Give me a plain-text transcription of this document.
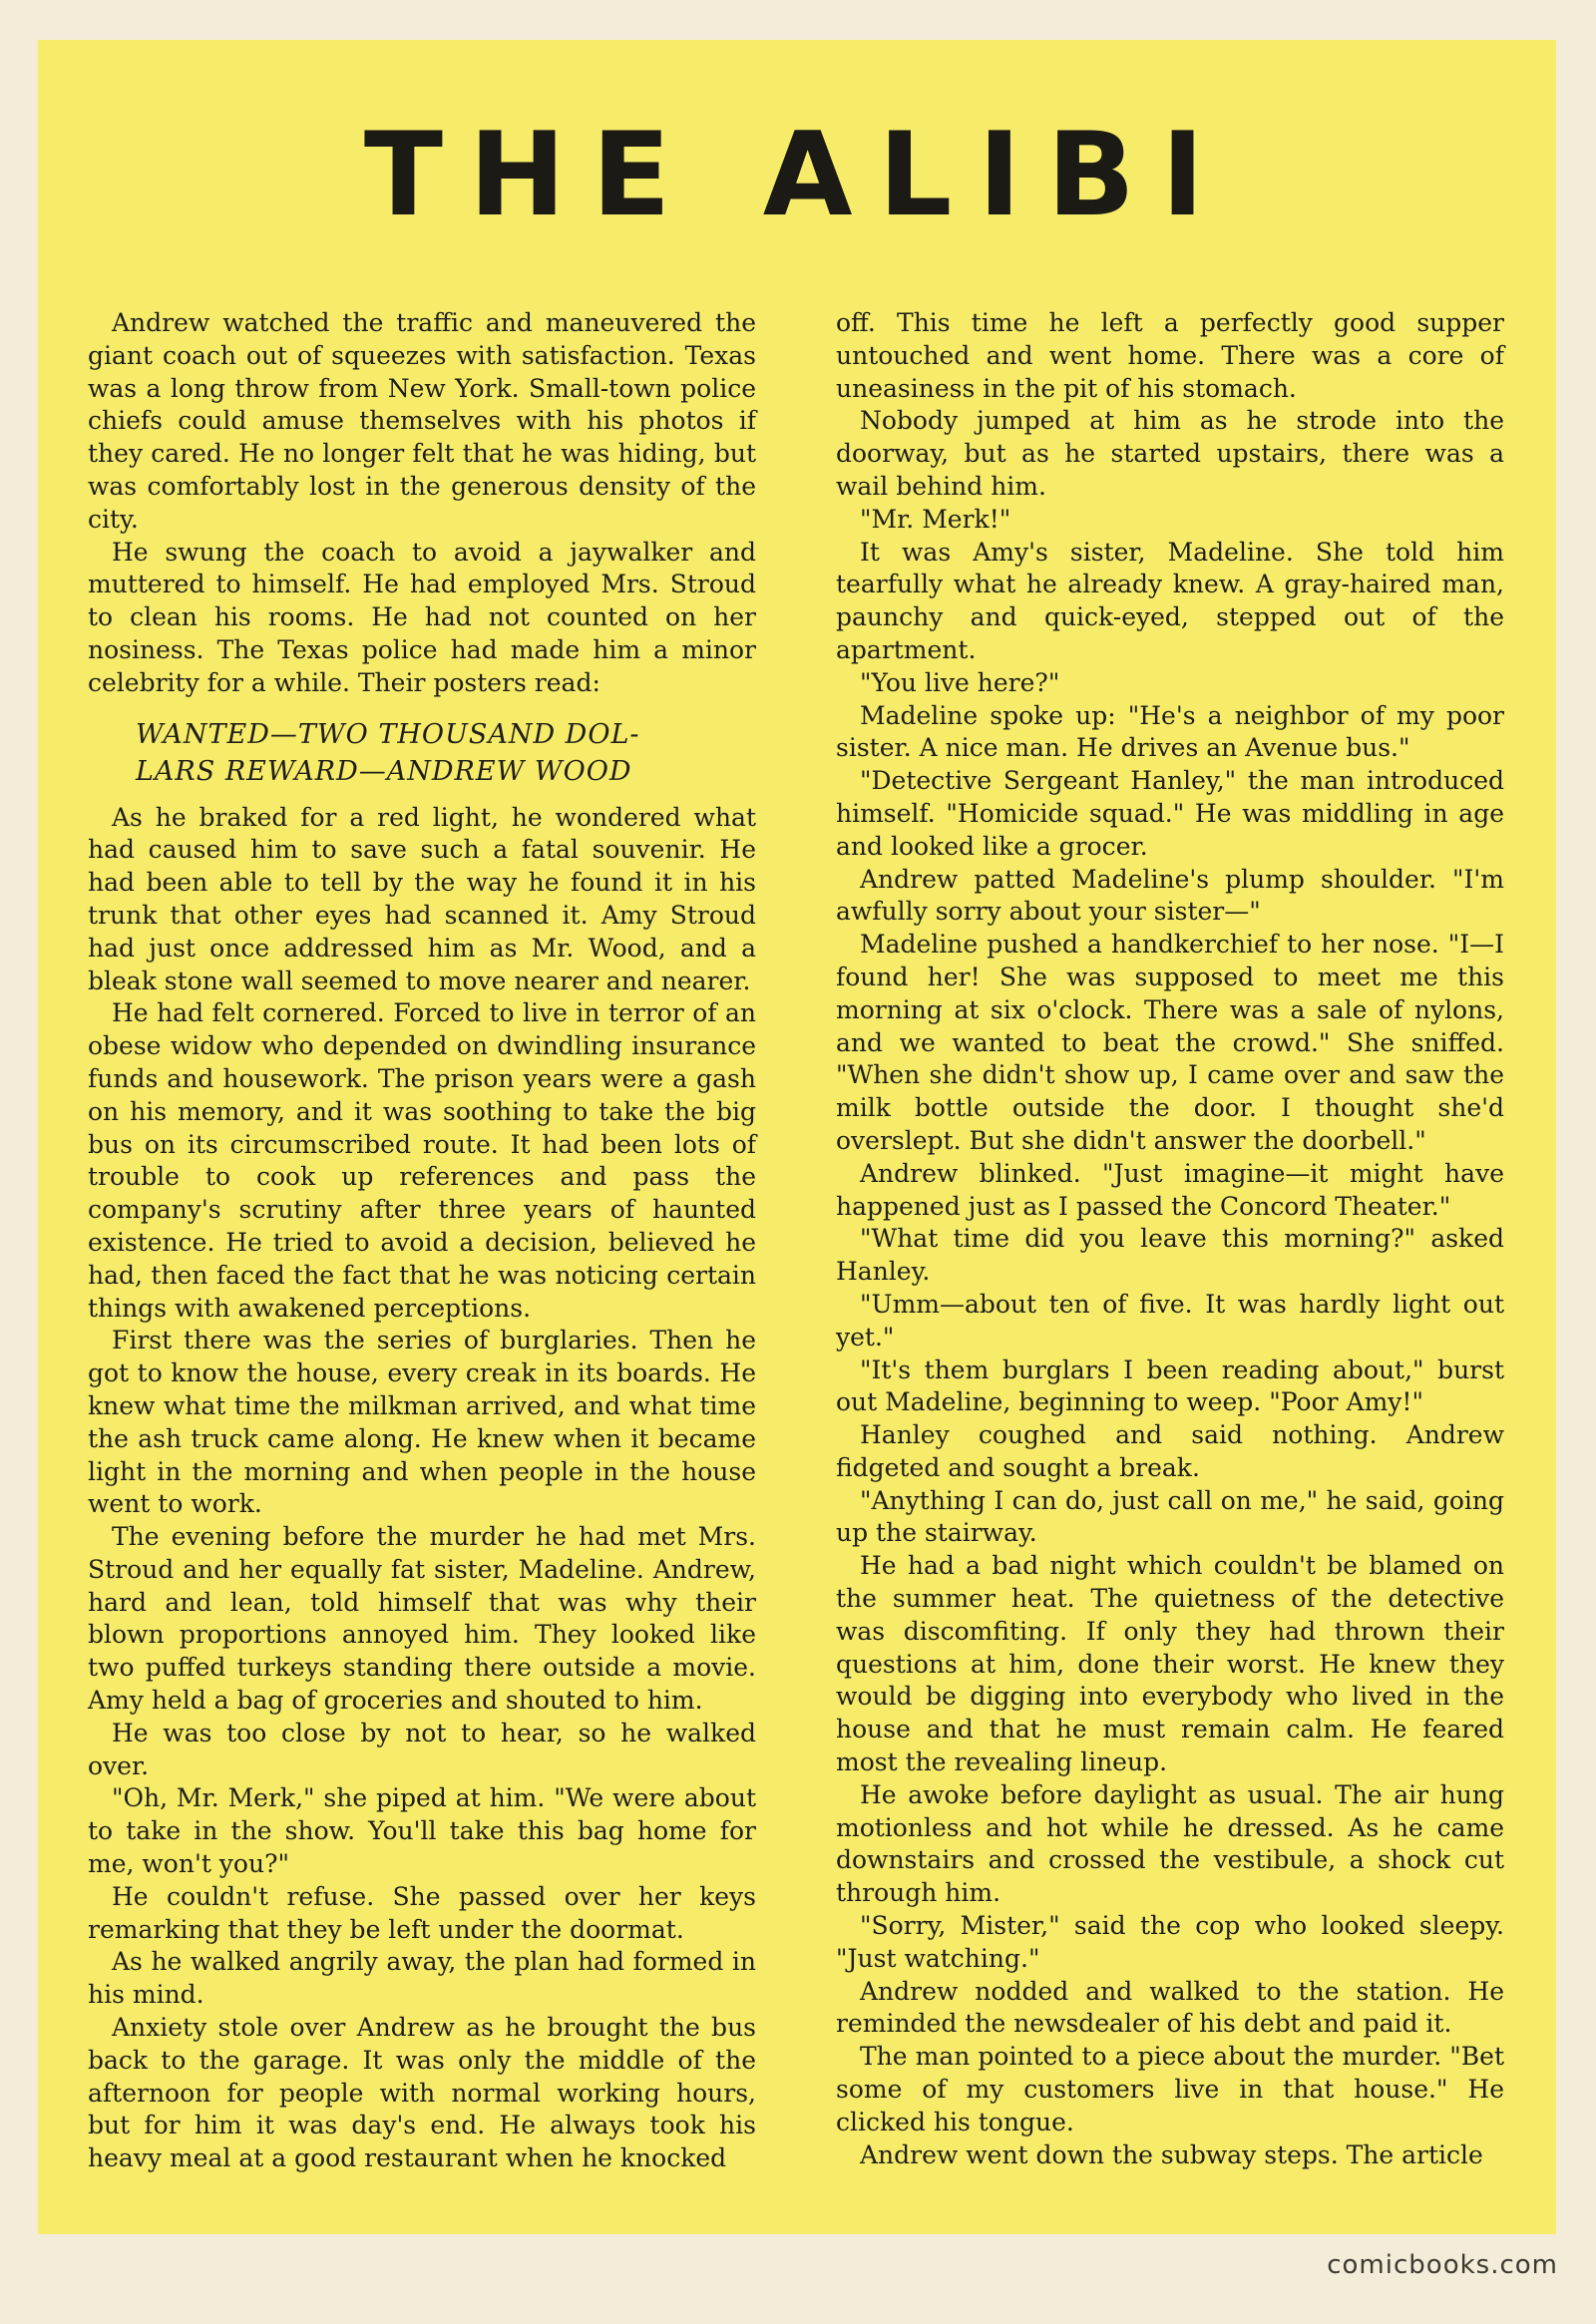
THE ALIBI

Andrew watched the traffic and maneuvered the giant coach out of squeezes with satisfaction. Texas was a long throw from New York. Small-town police chiefs could amuse themselves with his photos if they cared. He no longer felt that he was hiding, but was comfortably lost in the generous density of the city.

He swung the coach to avoid a jaywalker and muttered to himself. He had employed Mrs. Stroud to clean his rooms. He had not counted on her nosiness. The Texas police had made him a minor celebrity for a while. Their posters read:

WANTED—TWO THOUSAND DOL-
LARS REWARD—ANDREW WOOD

As he braked for a red light, he wondered what had caused him to save such a fatal souvenir. He had been able to tell by the way he found it in his trunk that other eyes had scanned it. Amy Stroud had just once addressed him as Mr. Wood, and a bleak stone wall seemed to move nearer and nearer.

He had felt cornered. Forced to live in terror of an obese widow who depended on dwindling insurance funds and housework. The prison years were a gash on his memory, and it was soothing to take the big bus on its circumscribed route. It had been lots of trouble to cook up references and pass the company's scrutiny after three years of haunted existence. He tried to avoid a decision, believed he had, then faced the fact that he was noticing certain things with awakened perceptions.

First there was the series of burglaries. Then he got to know the house, every creak in its boards. He knew what time the milkman arrived, and what time the ash truck came along. He knew when it became light in the morning and when people in the house went to work.

The evening before the murder he had met Mrs. Stroud and her equally fat sister, Madeline. Andrew, hard and lean, told himself that was why their blown proportions annoyed him. They looked like two puffed turkeys standing there outside a movie. Amy held a bag of groceries and shouted to him.

He was too close by not to hear, so he walked over.

"Oh, Mr. Merk," she piped at him. "We were about to take in the show. You'll take this bag home for me, won't you?"

He couldn't refuse. She passed over her keys remarking that they be left under the doormat.

As he walked angrily away, the plan had formed in his mind.

Anxiety stole over Andrew as he brought the bus back to the garage. It was only the middle of the afternoon for people with normal working hours, but for him it was day's end. He always took his heavy meal at a good restaurant when he knocked

off. This time he left a perfectly good supper untouched and went home. There was a core of uneasiness in the pit of his stomach.

Nobody jumped at him as he strode into the doorway, but as he started upstairs, there was a wail behind him.

"Mr. Merk!"

It was Amy's sister, Madeline. She told him tearfully what he already knew. A gray-haired man, paunchy and quick-eyed, stepped out of the apartment.

"You live here?"

Madeline spoke up: "He's a neighbor of my poor sister. A nice man. He drives an Avenue bus."

"Detective Sergeant Hanley," the man introduced himself. "Homicide squad." He was middling in age and looked like a grocer.

Andrew patted Madeline's plump shoulder. "I'm awfully sorry about your sister—"

Madeline pushed a handkerchief to her nose. "I—I found her! She was supposed to meet me this morning at six o'clock. There was a sale of nylons, and we wanted to beat the crowd." She sniffed. "When she didn't show up, I came over and saw the milk bottle outside the door. I thought she'd overslept. But she didn't answer the doorbell."

Andrew blinked. "Just imagine—it might have happened just as I passed the Concord Theater."

"What time did you leave this morning?" asked Hanley.

"Umm—about ten of five. It was hardly light out yet."

"It's them burglars I been reading about," burst out Madeline, beginning to weep. "Poor Amy!"

Hanley coughed and said nothing. Andrew fidgeted and sought a break.

"Anything I can do, just call on me," he said, going up the stairway.

He had a bad night which couldn't be blamed on the summer heat. The quietness of the detective was discomfiting. If only they had thrown their questions at him, done their worst. He knew they would be digging into everybody who lived in the house and that he must remain calm. He feared most the revealing lineup.

He awoke before daylight as usual. The air hung motionless and hot while he dressed. As he came downstairs and crossed the vestibule, a shock cut through him.

"Sorry, Mister," said the cop who looked sleepy. "Just watching."

Andrew nodded and walked to the station. He reminded the newsdealer of his debt and paid it.

The man pointed to a piece about the murder. "Bet some of my customers live in that house." He clicked his tongue.

Andrew went down the subway steps. The article

comicbooks.com
